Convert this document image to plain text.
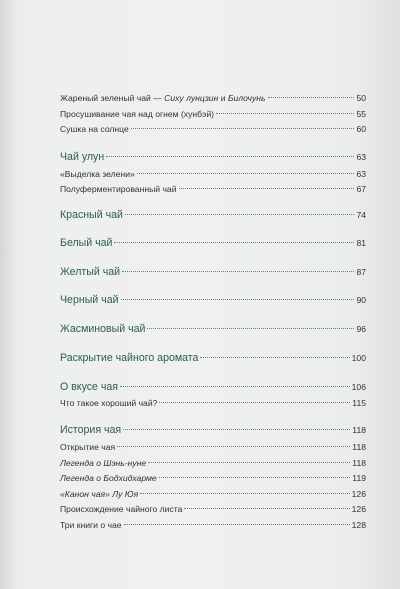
Жареный зеленый чай — Сиху лунцзин и Билочунь	50
Просушивание чая над огнем (хунбэй)	55
Сушка на солнце	60
Чай улун	63
«Выделка зелени»	63
Полуферментированный чай	67
Красный чай	74
Белый чай	81
Желтый чай	87
Черный чай	90
Жасминовый чай	96
Раскрытие чайного аромата	100
О вкусе чая	106
Что такое хороший чай?	115
История чая	118
Открытие чая	118
Легенда о Шэнь-нуне	118
Легенда о Бодхидхарме	119
«Канон чая» Лу Юя	126
Происхождение чайного листа	126
Три книги о чае	128
